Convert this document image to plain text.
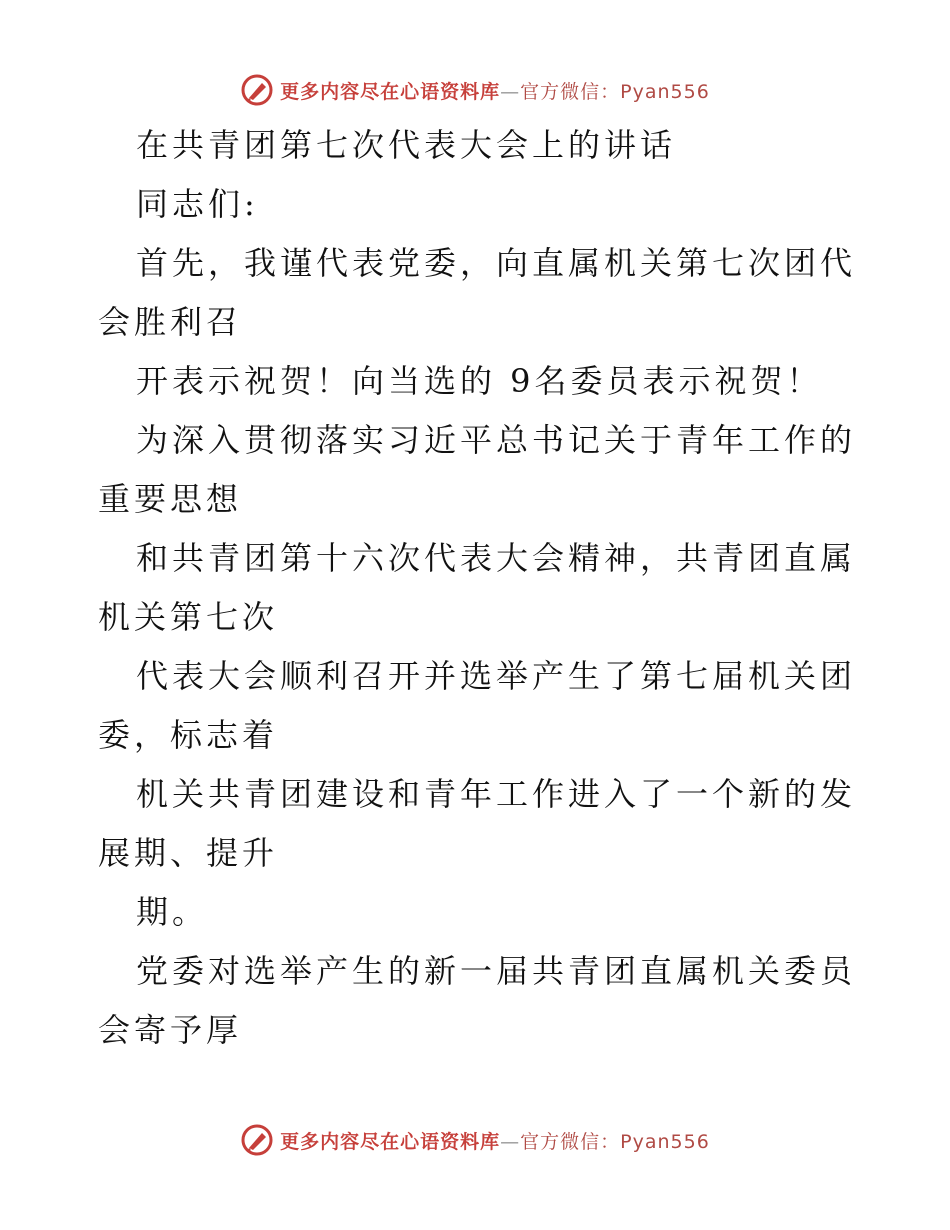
更多内容尽在心语资料库—官方微信：Pyan556

在共青团第七次代表大会上的讲话

同志们:

首先，我谨代表党委，向直属机关第七次团代会胜利召

开表示祝贺！向当选的 9名委员表示祝贺！

为深入贯彻落实习近平总书记关于青年工作的重要思想

和共青团第十六次代表大会精神，共青团直属机关第七次

代表大会顺利召开并选举产生了第七届机关团委，标志着

机关共青团建设和青年工作进入了一个新的发展期、提升

期。

党委对选举产生的新一届共青团直属机关委员会寄予厚

更多内容尽在心语资料库—官方微信：Pyan556
